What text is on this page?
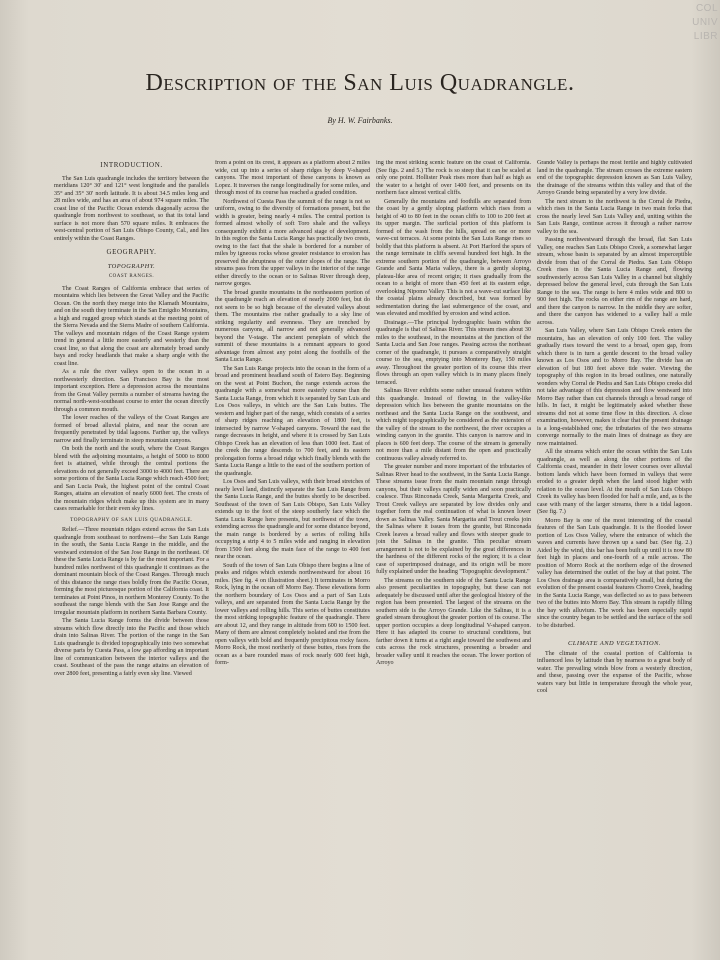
COL
UNIV
LIBR
Description of the San Luis Quadrangle.
By H. W. Fairbanks.
INTRODUCTION.

The San Luis quadrangle includes the territory between the meridians 120° 30′ and 121° west longitude and the parallels 35° and 35° 30′ north latitude. It is about 34.5 miles long and 28 miles wide, and has an area of about 974 square miles. The coast line of the Pacific Ocean extends diagonally across the quadrangle from northwest to southeast, so that its total land surface is not more than 570 square miles. It embraces the west-central portion of San Luis Obispo County, Cal., and lies entirely within the Coast Ranges.

GEOGRAPHY.
TOPOGRAPHY.
COAST RANGES.

The Coast Ranges of California embrace that series of mountains which lies between the Great Valley and the Pacific Ocean. On the north they merge into the Klamath Mountains, and on the south they terminate in the San Emigdio Mountains, a high and rugged group which stands at the meeting point of the Sierra Nevada and the Sierra Madre of southern California. The valleys and mountain ridges of the Coast Range system trend in general a little more easterly and westerly than the coast line, so that along the coast are alternately broad sandy bays and rocky headlands that make a sharp angle with the coast line.

As a rule the river valleys open to the ocean in a northwesterly direction. San Francisco Bay is the most important exception. Here a depression across the mountains from the Great Valley permits a number of streams having the normal north-west-southeast course to enter the ocean directly through a common mouth.

The lower reaches of the valleys of the Coast Ranges are formed of broad alluvial plains, and near the ocean are frequently penetrated by tidal lagoons. Farther up, the valleys narrow and finally terminate in steep mountain canyons.

On both the north and the south, where the Coast Ranges blend with the adjoining mountains, a height of 5000 to 8000 feet is attained, while through the central portions the elevations do not generally exceed 3000 to 4000 feet. There are some portions of the Santa Lucia Range which reach 4500 feet; and San Lucia Peak, the highest point of the central Coast Ranges, attains an elevation of nearly 6000 feet. The crests of the mountain ridges which make up this system are in many cases remarkable for their even sky lines.

TOPOGRAPHY OF SAN LUIS QUADRANGLE.

Relief.—Three mountain ridges extend across the San Luis quadrangle from southeast to northwest—the San Luis Range in the south, the Santa Lucia Range in the middle, and the westward extension of the San Jose Range in the northeast. Of these the Santa Lucia Range is by far the most important. For a hundred miles northwest of this quadrangle it continues as the dominant mountain block of the Coast Ranges. Through much of this distance the range rises boldly from the Pacific Ocean, forming the most picturesque portion of the California coast. It terminates at Point Pinos, in northern Monterey County. To the southeast the range blends with the San Jose Range and the irregular mountain platform in northern Santa Barbara County.

The Santa Lucia Range forms the divide between those streams which flow directly into the Pacific and those which drain into Salinas River. The portion of the range in the San Luis quadrangle is divided topographically into two somewhat diverse parts by Cuesta Pass, a low gap affording an important line of communication between the interior valleys and the coast. Southeast of the pass the range attains an elevation of over 2800 feet, presenting a fairly even sky line. Viewed

from a point on its crest, it appears as a platform about 2 miles wide, cut up into a series of sharp ridges by deep V-shaped canyons. The most important of these canyons is known as Lopez. It traverses the range longitudinally for some miles, and through most of its course has reached a graded condition.

Northwest of Cuesta Pass the summit of the range is not so uniform, owing to the diversity of formations present, but the width is greater, being nearly 4 miles. The central portion is formed almost wholly of soft Toro shale and the valleys consequently exhibit a more advanced stage of development. In this region the Santa Lucia Range has practically two crests, owing to the fact that the shale is bordered for a number of miles by igneous rocks whose greater resistance to erosion has preserved the abruptness of the outer slopes of the range. The streams pass from the upper valleys in the interior of the range either directly to the ocean or to Salinas River through deep, narrow gorges.

The broad granite mountains in the northeastern portion of the quadrangle reach an elevation of nearly 2000 feet, but do not seem to be so high because of the elevated valleys about them. The mountains rise rather gradually to a sky line of striking regularity and evenness. They are trenched by numerous canyons, all narrow and not generally advanced beyond the V-stage. The ancient peneplain of which the summit of these mountains is a remnant appears to good advantage from almost any point along the foothills of the Santa Lucia Range.

The San Luis Range projects into the ocean in the form of a broad and prominent headland south of Estero Bay. Beginning on the west at Point Buchon, the range extends across the quadrangle with a somewhat more easterly course than the Santa Lucia Range, from which it is separated by San Luis and Los Osos valleys, in which are the San Luis buttes. The western and higher part of the range, which consists of a series of sharp ridges reaching an elevation of 1800 feet, is intersected by narrow V-shaped canyons. Toward the east the range decreases in height, and where it is crossed by San Luis Obispo Creek has an elevation of less than 1000 feet. East of the creek the range descends to 700 feet, and its eastern prolongation forms a broad ridge which finally blends with the Santa Lucia Range a little to the east of the southern portion of the quadrangle.

Los Osos and San Luis valleys, with their broad stretches of nearly level land, distinctly separate the San Luis Range from the Santa Lucia Range, and the buttes shortly to be described. Southeast of the town of San Luis Obispo, San Luis Valley extends up to the foot of the steep southerly face which the Santa Lucia Range here presents, but northwest of the town, extending across the quadrangle and for some distance beyond, the main range is bordered by a series of rolling hills occupying a strip 4 to 5 miles wide and ranging in elevation from 1500 feet along the main face of the range to 400 feet near the ocean.

South of the town of San Luis Obispo there begins a line of peaks and ridges which extends northwestward for about 16 miles. (See fig. 4 on illustration sheet.) It terminates in Morro Rock, lying in the ocean off Morro Bay. These elevations form the northern boundary of Los Osos and a part of San Luis valleys, and are separated from the Santa Lucia Range by the lower valleys and rolling hills. This series of buttes constitutes the most striking topographic feature of the quadrangle. There are about 12, and they range in altitude from 600 to 1500 feet. Many of them are almost completely isolated and rise from the open valleys with bold and frequently precipitous rocky faces. Morro Rock, the most northerly of these buttes, rises from the ocean as a bare rounded mass of rock nearly 600 feet high, form-

ing the most striking scenic feature on the coast of California. (See figs. 2 and 5.) The rock is so steep that it can be scaled at only one point. Hollister Peak rises more than half as high as the water to a height of over 1400 feet, and presents on its northern face almost vertical cliffs.

Generally the mountains and foothills are separated from the coast by a gently sloping platform which rises from a height of 40 to 80 feet in the ocean cliffs to 100 to 200 feet at its upper margin. The surficial portion of this platform is formed of the wash from the hills, spread on one or more wave-cut terraces. At some points the San Luis Range rises so boldly that this platform is absent. At Port Harford the spurs of the range terminate in cliffs several hundred feet high. In the extreme southern portion of the quadrangle, between Arroyo Grande and Santa Maria valleys, there is a gently sloping, plateau-like area of recent origin; it rises gradually from the ocean to a height of more than 450 feet at its eastern edge, overlooking Nipomo Valley. This is not a wave-cut surface like the coastal plains already described, but was formed by sedimentation during the last submergence of the coast, and was elevated and modified by erosion and wind action.

Drainage.—The principal hydrographic basin within the quadrangle is that of Salinas River. This stream rises about 30 miles to the southeast, in the mountains at the junction of the Santa Lucia and San Jose ranges. Passing across the northeast corner of the quadrangle, it pursues a comparatively straight course to the sea, emptying into Monterey Bay, 150 miles away. Throughout the greater portion of its course this river flows through an open valley which is in many places finely terraced.

Salinas River exhibits some rather unusual features within this quadrangle. Instead of flowing in the valley-like depression which lies between the granite mountains on the northeast and the Santa Lucia Range on the southwest, and which might topographically be considered as the extension of the valley of the stream to the northwest, the river occupies a winding canyon in the granite. This canyon is narrow and in places is 600 feet deep. The course of the stream is generally not more than a mile distant from the open and practically continuous valley already referred to.

The greater number and more important of the tributaries of Salinas River head to the southwest, in the Santa Lucia Range. These streams issue from the main mountain range through canyons, but their valleys rapidly widen and soon practically coalesce. Thus Rinconada Creek, Santa Margarita Creek, and Trout Creek valleys are separated by low divides only and together form the real continuation of what is known lower down as Salinas Valley. Santa Margarita and Trout creeks join the Salinas where it issues from the granite, but Rinconada Creek leaves a broad valley and flows with steeper grade to join the Salinas in the granite. This peculiar stream arrangement is not to be explained by the great differences in the hardness of the different rocks of the region; it is a clear case of superimposed drainage, and its origin will be more fully explained under the heading "Topographic development."

The streams on the southern side of the Santa Lucia Range also present peculiarities in topography, but these can not adequately be discussed until after the geological history of the region has been presented. The largest of the streams on the southern side is the Arroyo Grande. Like the Salinas, it is a graded stream throughout the greater portion of its course. The upper portion occupies a deep longitudinal V-shaped canyon. Here it has adapted its course to structural conditions, but farther down it turns at a right angle toward the southwest and cuts across the rock structures, presenting a broader and broader valley until it reaches the ocean. The lower portion of Arroyo

Grande Valley is perhaps the most fertile and highly cultivated land in the quadrangle. The stream crosses the extreme eastern end of the topographic depression known as San Luis Valley, the drainage of the streams within this valley and that of the Arroyo Grande being separated by a very low divide.

The next stream to the northwest is the Corral de Piedra, which rises in the Santa Lucia Range in two main forks that cross the nearly level San Luis Valley and, uniting within the San Luis Range, continue across it through a rather narrow valley to the sea.

Passing northwestward through the broad, flat San Luis Valley, one reaches San Luis Obispo Creek, a somewhat larger stream, whose basin is separated by an almost imperceptible divide from that of the Corral de Piedra. San Luis Obispo Creek rises in the Santa Lucia Range and, flowing southwesterly across San Luis Valley in a channel but slightly depressed below the general level, cuts through the San Luis Range to the sea. The range is here 4 miles wide and 800 to 900 feet high. The rocks on either rim of the range are hard, and there the canyon is narrow. In the middle they are softer, and there the canyon has widened to a valley half a mile across.

San Luis Valley, where San Luis Obispo Creek enters the mountains, has an elevation of only 100 feet. The valley gradually rises toward the west to a broad, open gap, from which there is in turn a gentle descent to the broad valley known as Los Osos and to Morro Bay. The divide has an elevation of but 180 feet above tide water. Viewing the topography of this region in its broad outlines, one naturally wonders why Corral de Piedra and San Luis Obispo creeks did not take advantage of this depression and flow westward into Morro Bay rather than cut channels through a broad range of hills. In fact, it might be legitimately asked whether these streams did not at some time flow in this direction. A close examination, however, makes it clear that the present drainage is a long-established one; the tributaries of the two streams converge normally to the main lines of drainage as they are now maintained.

All the streams which enter the ocean within the San Luis quadrangle, as well as along the other portions of the California coast, meander in their lower courses over alluvial bottom lands which have been formed in valleys that were eroded to a greater depth when the land stood higher with relation to the ocean level. At the mouth of San Luis Obispo Creek its valley has been flooded for half a mile, and, as is the case with many of the larger streams, there is a tidal lagoon. (See fig. 7.)

Morro Bay is one of the most interesting of the coastal features of the San Luis quadrangle. It is the flooded lower portion of Los Osos Valley, where the entrance of which the waves and currents have thrown up a sand bar. (See fig. 2.) Aided by the wind, this bar has been built up until it is now 80 feet high in places and one-fourth of a mile across. The position of Morro Rock at the northern edge of the drowned valley has determined the outlet of the bay at that point. The Los Osos drainage area is comparatively small, but during the evolution of the present coastal features Chorro Creek, heading in the Santa Lucia Range, was deflected so as to pass between two of the buttes into Morro Bay. This stream is rapidly filling the bay with alluvium. The work has been especially rapid since the country began to be settled and the surface of the soil to be disturbed.

CLIMATE AND VEGETATION.

The climate of the coastal portion of California is influenced less by latitude than by nearness to a great body of water. The prevailing winds blow from a westerly direction, and these, passing over the expanse of the Pacific, whose waters vary but little in temperature through the whole year, cool
